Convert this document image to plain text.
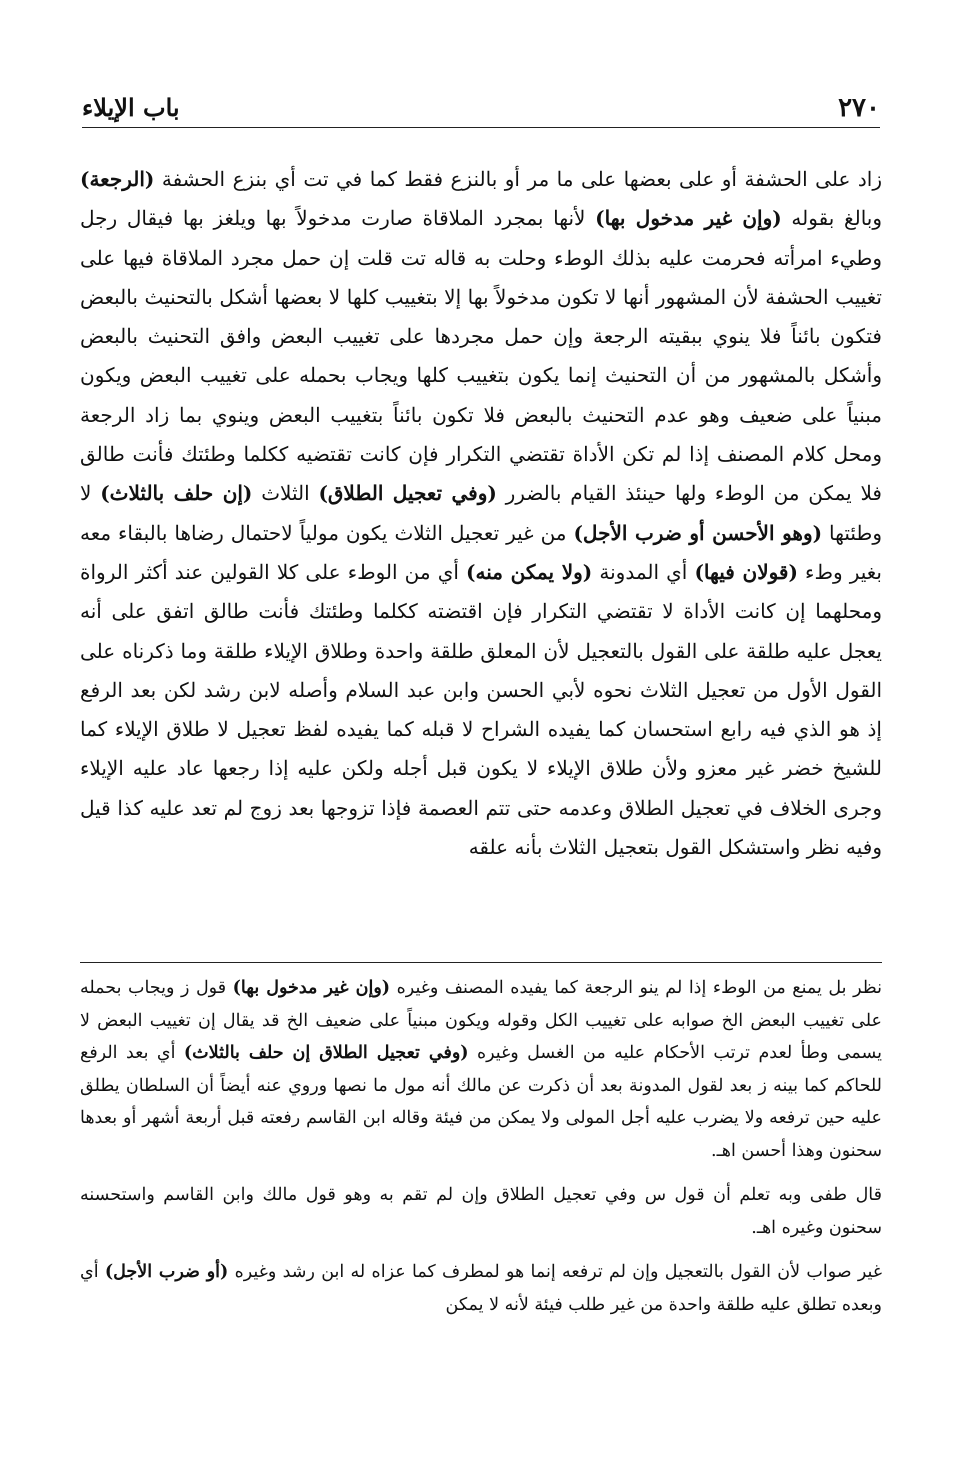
٢٧٠
باب الإيلاء

زاد على الحشفة أو على بعضها على ما مر أو بالنزع فقط كما في تت أي بنزع الحشفة (الرجعة) وبالغ بقوله (وإن غير مدخول بها) لأنها بمجرد الملاقاة صارت مدخولاً بها ويلغز بها فيقال رجل وطيء امرأته فحرمت عليه بذلك الوطء وحلت به قاله تت قلت إن حمل مجرد الملاقاة فيها على تغييب الحشفة لأن المشهور أنها لا تكون مدخولاً بها إلا بتغييب كلها لا بعضها أشكل بالتحنيث بالبعض فتكون بائناً فلا ينوي ببقيته الرجعة وإن حمل مجردها على تغييب البعض وافق التحنيث بالبعض وأشكل بالمشهور من أن التحنيث إنما يكون بتغييب كلها ويجاب بحمله على تغييب البعض ويكون مبنياً على ضعيف وهو عدم التحنيث بالبعض فلا تكون بائناً بتغييب البعض وينوي بما زاد الرجعة ومحل كلام المصنف إذا لم تكن الأداة تقتضي التكرار فإن كانت تقتضيه ككلما وطئتك فأنت طالق فلا يمكن من الوطء ولها حينئذ القيام بالضرر (وفي تعجيل الطلاق) الثلاث (إن حلف بالثلاث) لا وطئتها (وهو الأحسن أو ضرب الأجل) من غير تعجيل الثلاث يكون مولياً لاحتمال رضاها بالبقاء معه بغير وطء (قولان فيها) أي المدونة (ولا يمكن منه) أي من الوطء على كلا القولين عند أكثر الرواة ومحلهما إن كانت الأداة لا تقتضي التكرار فإن اقتضته ككلما وطئتك فأنت طالق اتفق على أنه يعجل عليه طلقة على القول بالتعجيل لأن المعلق طلقة واحدة وطلاق الإيلاء طلقة وما ذكرناه على القول الأول من تعجيل الثلاث نحوه لأبي الحسن وابن عبد السلام وأصله لابن رشد لكن بعد الرفع إذ هو الذي فيه رابع استحسان كما يفيده الشراح لا قبله كما يفيده لفظ تعجيل لا طلاق الإيلاء كما للشيخ خضر غير معزو ولأن طلاق الإيلاء لا يكون قبل أجله ولكن عليه إذا رجعها عاد عليه الإيلاء وجرى الخلاف في تعجيل الطلاق وعدمه حتى تتم العصمة فإذا تزوجها بعد زوج لم تعد عليه كذا قيل وفيه نظر واستشكل القول بتعجيل الثلاث بأنه علقه

نظر بل يمنع من الوطء إذا لم ينو الرجعة كما يفيده المصنف وغيره (وإن غير مدخول بها) قول ز ويجاب بحمله على تغييب البعض الخ صوابه على تغييب الكل وقوله ويكون مبنياً على ضعيف الخ قد يقال إن تغييب البعض لا يسمى وطأ لعدم ترتب الأحكام عليه من الغسل وغيره (وفي تعجيل الطلاق إن حلف بالثلاث) أي بعد الرفع للحاكم كما بينه ز بعد لقول المدونة بعد أن ذكرت عن مالك أنه مول ما نصها وروي عنه أيضاً أن السلطان يطلق عليه حين ترفعه ولا يضرب عليه أجل المولى ولا يمكن من فيئة وقاله ابن القاسم رفعته قبل أربعة أشهر أو بعدها سحنون وهذا أحسن اهـ.

قال طفى وبه تعلم أن قول س وفي تعجيل الطلاق وإن لم تقم به وهو قول مالك وابن القاسم واستحسنه سحنون وغيره اهـ.

غير صواب لأن القول بالتعجيل وإن لم ترفعه إنما هو لمطرف كما عزاه له ابن رشد وغيره (أو ضرب الأجل) أي وبعده تطلق عليه طلقة واحدة من غير طلب فيئة لأنه لا يمكن
